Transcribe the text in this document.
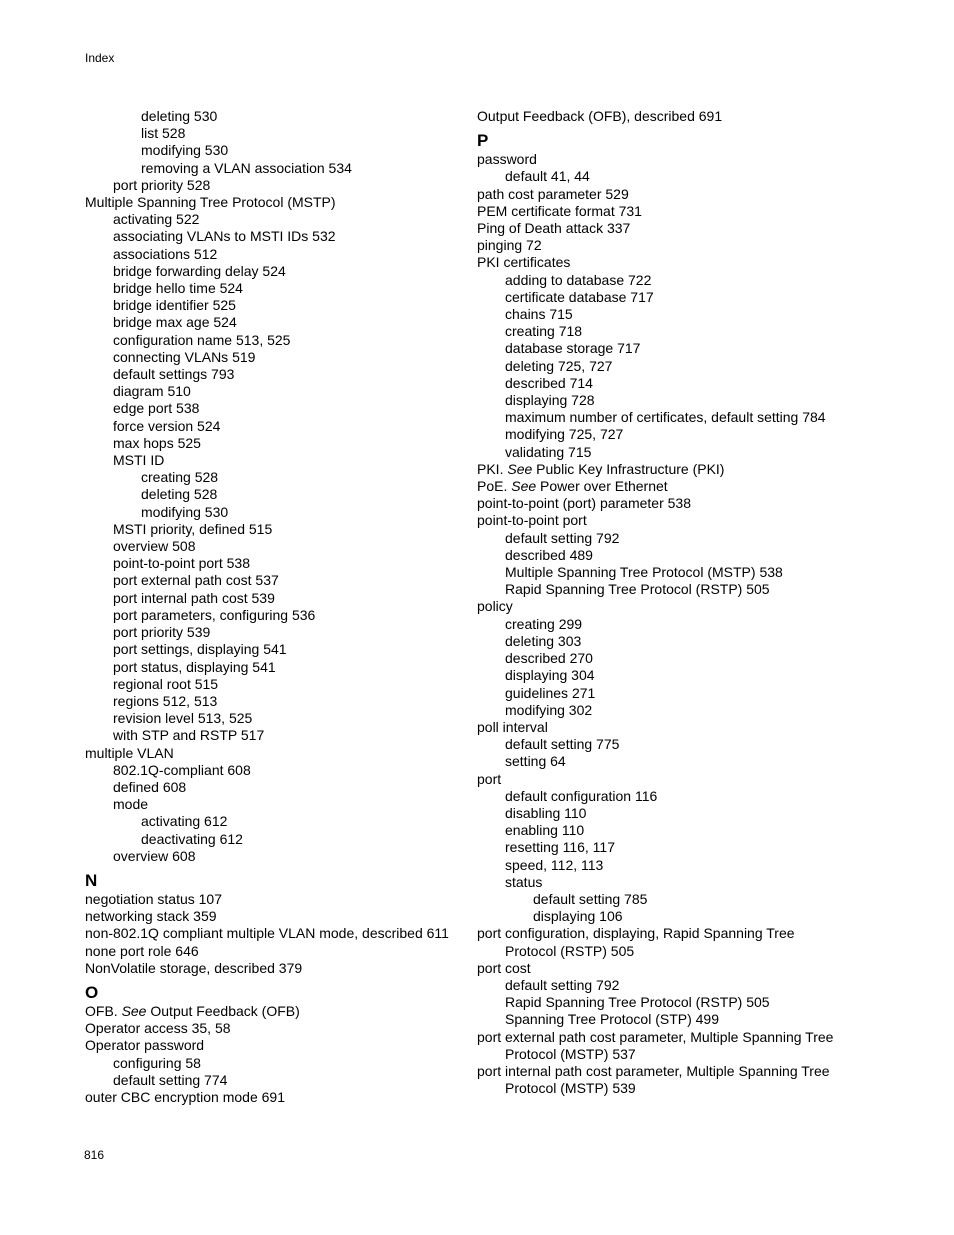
Index
deleting 530
list 528
modifying 530
removing a VLAN association 534
port priority 528
Multiple Spanning Tree Protocol (MSTP)
activating 522
associating VLANs to MSTI IDs 532
associations 512
bridge forwarding delay 524
bridge hello time 524
bridge identifier 525
bridge max age 524
configuration name 513, 525
connecting VLANs 519
default settings 793
diagram 510
edge port 538
force version 524
max hops 525
MSTI ID
creating 528
deleting 528
modifying 530
MSTI priority, defined 515
overview 508
point-to-point port 538
port external path cost 537
port internal path cost 539
port parameters, configuring 536
port priority 539
port settings, displaying 541
port status, displaying 541
regional root 515
regions 512, 513
revision level 513, 525
with STP and RSTP 517
multiple VLAN
802.1Q-compliant 608
defined 608
mode
activating 612
deactivating 612
overview 608
N
negotiation status 107
networking stack 359
non-802.1Q compliant multiple VLAN mode, described 611
none port role 646
NonVolatile storage, described 379
O
OFB. See Output Feedback (OFB)
Operator access 35, 58
Operator password
configuring 58
default setting 774
outer CBC encryption mode 691
Output Feedback (OFB), described 691
P
password
default 41, 44
path cost parameter 529
PEM certificate format 731
Ping of Death attack 337
pinging 72
PKI certificates
adding to database 722
certificate database 717
chains 715
creating 718
database storage 717
deleting 725, 727
described 714
displaying 728
maximum number of certificates, default setting 784
modifying 725, 727
validating 715
PKI. See Public Key Infrastructure (PKI)
PoE. See Power over Ethernet
point-to-point (port) parameter 538
point-to-point port
default setting 792
described 489
Multiple Spanning Tree Protocol (MSTP) 538
Rapid Spanning Tree Protocol (RSTP) 505
policy
creating 299
deleting 303
described 270
displaying 304
guidelines 271
modifying 302
poll interval
default setting 775
setting 64
port
default configuration 116
disabling 110
enabling 110
resetting 116, 117
speed, 112, 113
status
default setting 785
displaying 106
port configuration, displaying, Rapid Spanning Tree
Protocol (RSTP) 505
port cost
default setting 792
Rapid Spanning Tree Protocol (RSTP) 505
Spanning Tree Protocol (STP) 499
port external path cost parameter, Multiple Spanning Tree
Protocol (MSTP) 537
port internal path cost parameter, Multiple Spanning Tree
Protocol (MSTP) 539
816
